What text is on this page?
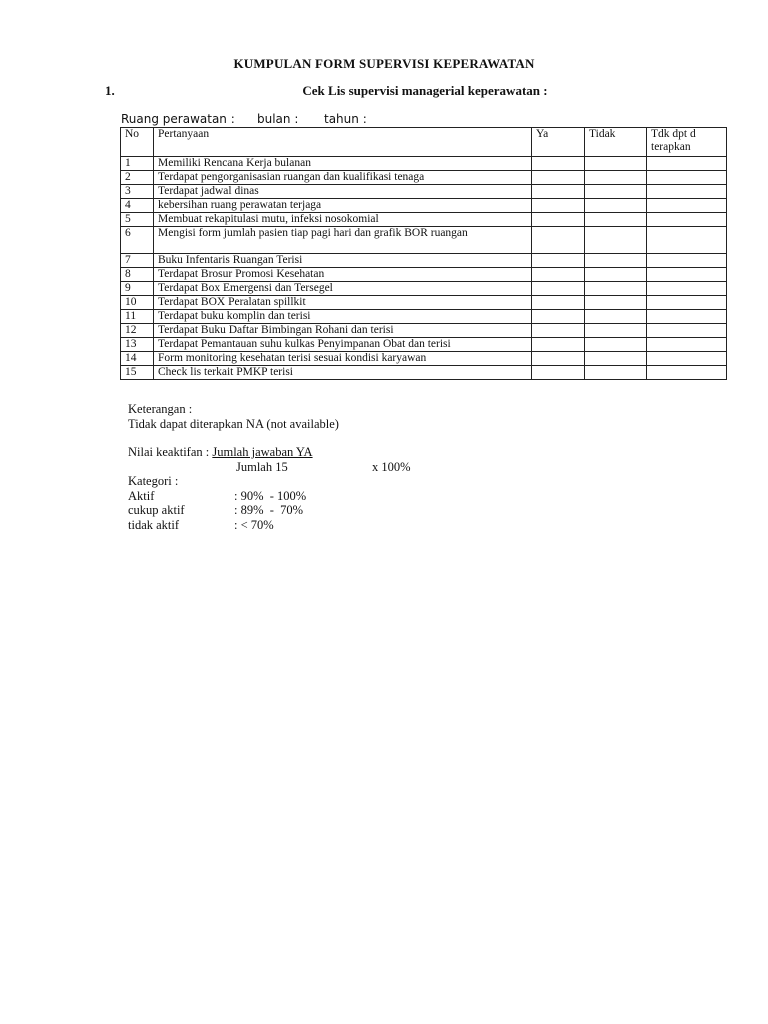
KUMPULAN FORM SUPERVISI KEPERAWATAN
1.	Cek Lis supervisi managerial keperawatan :
Ruang perawatan : bulan : tahun :
No	Pertanyaan	Ya	Tidak	Tdk dpt d terapkan
1	Memiliki Rencana Kerja bulanan			
2	Terdapat pengorganisasian ruangan dan kualifikasi tenaga			
3	Terdapat jadwal dinas			
4	kebersihan ruang perawatan terjaga			
5	Membuat rekapitulasi mutu, infeksi nosokomial			
6	Mengisi form jumlah pasien tiap pagi hari dan grafik BOR ruangan			
7	Buku Infentaris Ruangan Terisi			
8	Terdapat Brosur Promosi Kesehatan			
9	Terdapat Box Emergensi dan Tersegel			
10	Terdapat BOX Peralatan spillkit			
11	Terdapat buku komplin dan terisi			
12	Terdapat Buku Daftar Bimbingan Rohani dan terisi			
13	Terdapat Pemantauan suhu kulkas Penyimpanan Obat dan terisi			
14	Form monitoring kesehatan terisi sesuai kondisi karyawan			
15	Check lis terkait PMKP terisi			
Keterangan :
Tidak dapat diterapkan NA (not available)
Nilai keaktifan : Jumlah jawaban YA
Jumlah 15	x 100%
Kategori :
Aktif	: 90%  - 100%
cukup aktif	: 89%  -  70%
tidak aktif	: < 70%
